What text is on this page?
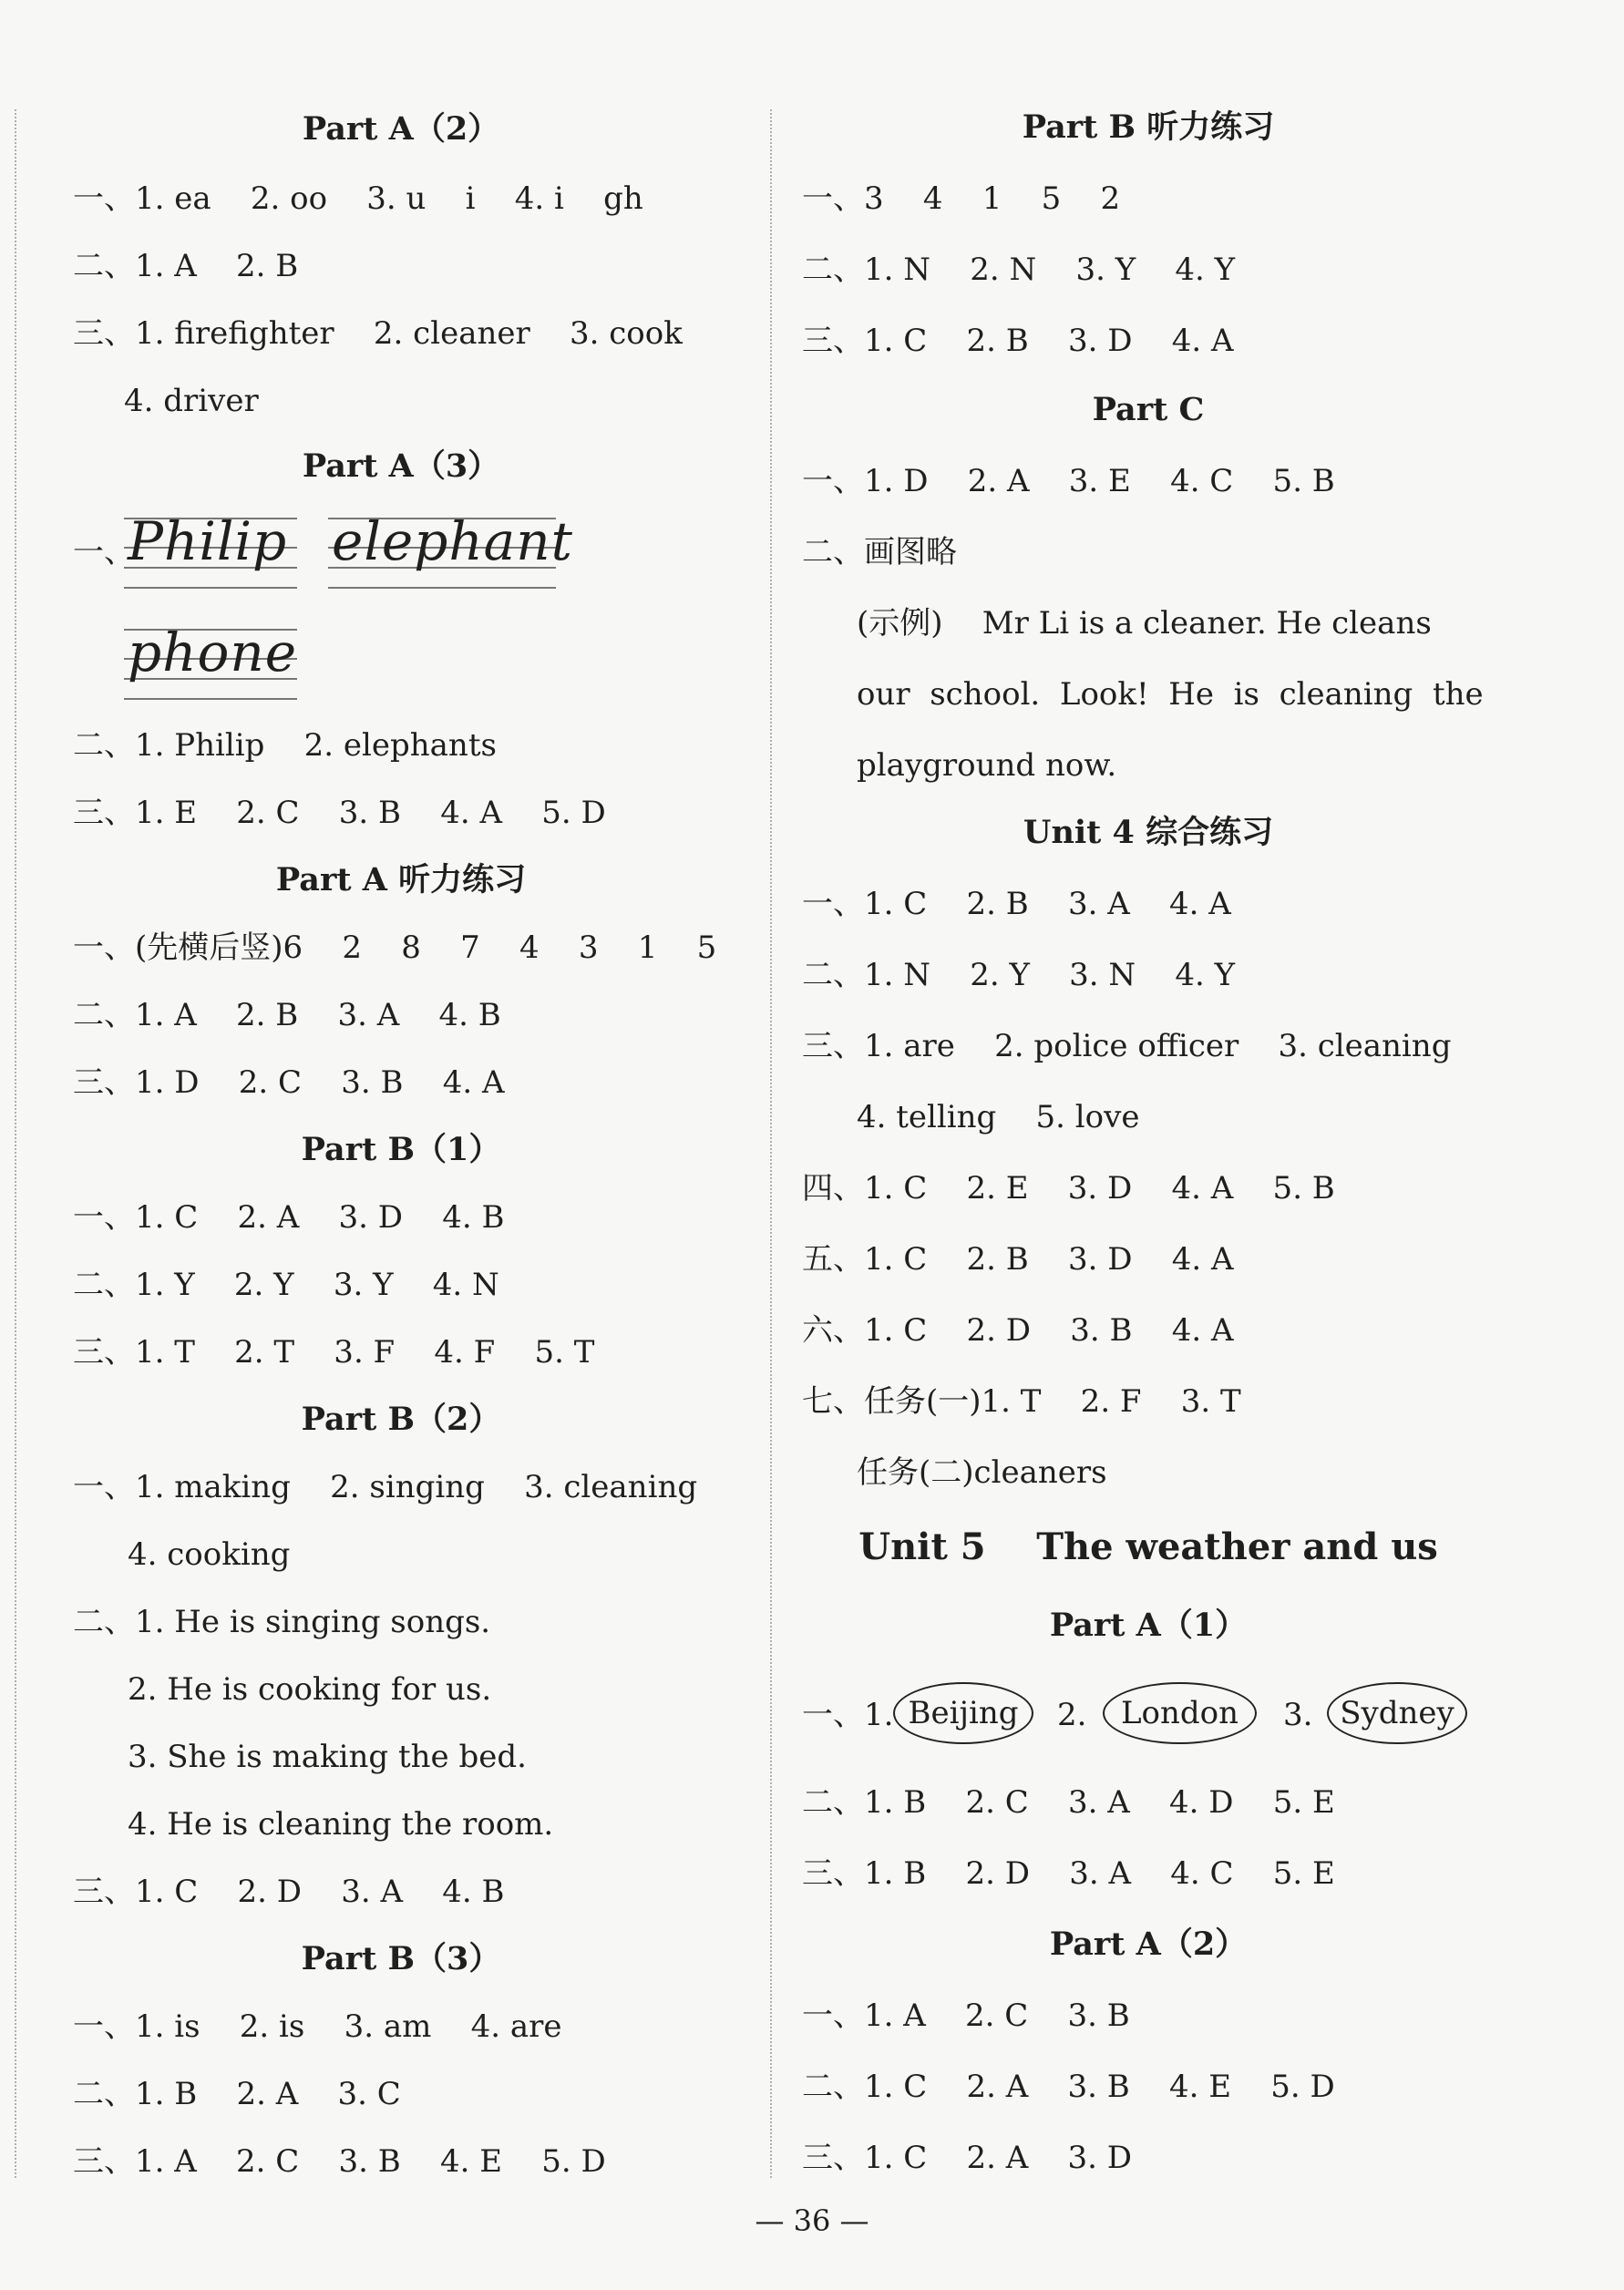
Part A（2）
一、1. ea    2. oo    3. u    i    4. i    gh
二、1. A    2. B
三、1. firefighter    2. cleaner    3. cook
4. driver
Part A（3）
一、
Philip elephant
phone
二、1. Philip    2. elephants
三、1. E    2. C    3. B    4. A    5. D
Part A 听力练习
一、(先横后竖)6    2    8    7    4    3    1    5
二、1. A    2. B    3. A    4. B
三、1. D    2. C    3. B    4. A
Part B（1）
一、1. C    2. A    3. D    4. B
二、1. Y    2. Y    3. Y    4. N
三、1. T    2. T    3. F    4. F    5. T
Part B（2）
一、1. making    2. singing    3. cleaning
4. cooking
二、1. He is singing songs.
2. He is cooking for us.
3. She is making the bed.
4. He is cleaning the room.
三、1. C    2. D    3. A    4. B
Part B（3）
一、1. is    2. is    3. am    4. are
二、1. B    2. A    3. C
三、1. A    2. C    3. B    4. E    5. D
Part B 听力练习
一、3    4    1    5    2
二、1. N    2. N    3. Y    4. Y
三、1. C    2. B    3. D    4. A
Part C
一、1. D    2. A    3. E    4. C    5. B
二、画图略
(示例)    Mr Li is a cleaner. He cleans
our  school.  Look!  He  is  cleaning  the
playground now.
Unit 4 综合练习
一、1. C    2. B    3. A    4. A
二、1. N    2. Y    3. N    4. Y
三、1. are    2. police officer    3. cleaning
4. telling    5. love
四、1. C    2. E    3. D    4. A    5. B
五、1. C    2. B    3. D    4. A
六、1. C    2. D    3. B    4. A
七、任务(一)1. T    2. F    3. T
任务(二)cleaners
Unit 5    The weather and us
Part A（1）
一、1. Beijing	2.	London	3. Sydney
二、1. B    2. C    3. A    4. D    5. E
三、1. B    2. D    3. A    4. C    5. E
Part A（2）
一、1. A    2. C    3. B
二、1. C    2. A    3. B    4. E    5. D
三、1. C    2. A    3. D
— 36 —
